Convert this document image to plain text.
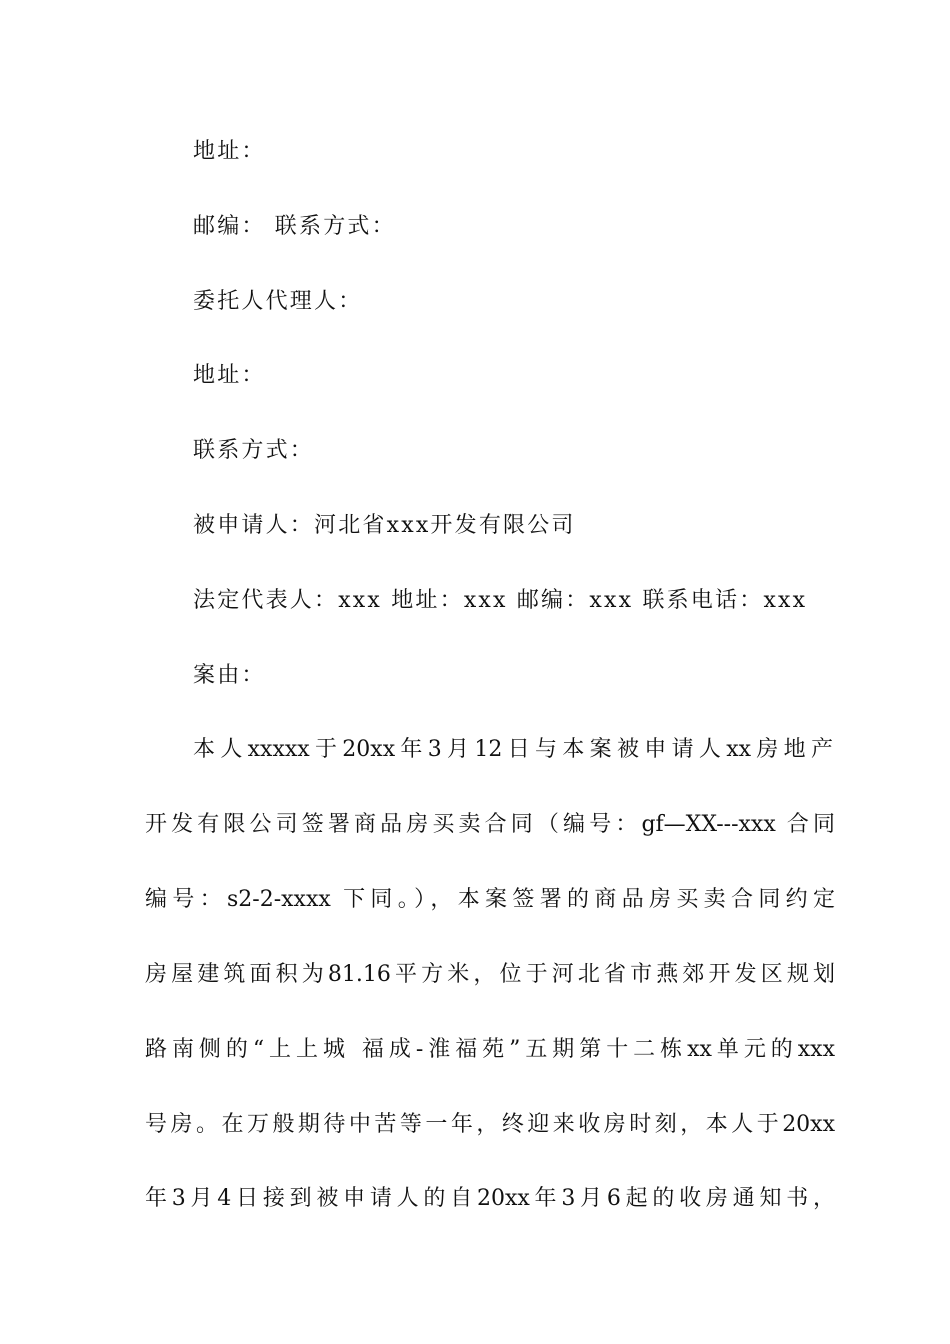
地址：
邮编： 联系方式：
委托人代理人：
地址：
联系方式：
被申请人：河北省xxx开发有限公司
法定代表人：xxx 地址：xxx 邮编：xxx 联系电话：xxx
案由：
本人xxxxx于20xx年3月12日与本案被申请人xx房地产
开发有限公司签署商品房买卖合同（编号：gf—XX---xxx 合同
编号：s2-2-xxxx 下同。），本案签署的商品房买卖合同约定
房屋建筑面积为81.16平方米，位于河北省市燕郊开发区规划
路南侧的“上上城 福成-淮福苑”五期第十二栋xx单元的xxx
号房。在万般期待中苦等一年，终迎来收房时刻，本人于20xx
年3月4日接到被申请人的自20xx年3月6起的收房通知书，
